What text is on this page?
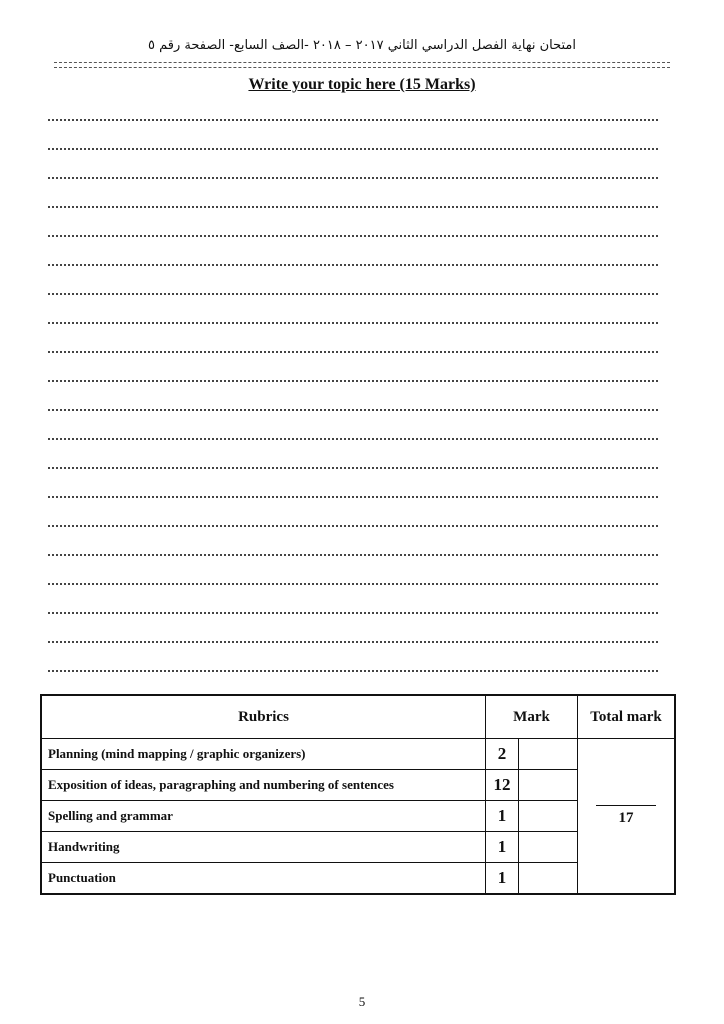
امتحان نهاية الفصل الدراسي الثاني ٢٠١٧ – ٢٠١٨ -الصف السابع- الصفحة رقم ٥
Write your topic here (15 Marks)
Rubrics	Mark		Total mark
Planning (mind mapping / graphic organizers)	2		17

Exposition of ideas, paragraphing and numbering of sentences	12		
Spelling and grammar	1		
Handwriting	1		
Punctuation	1		
5
